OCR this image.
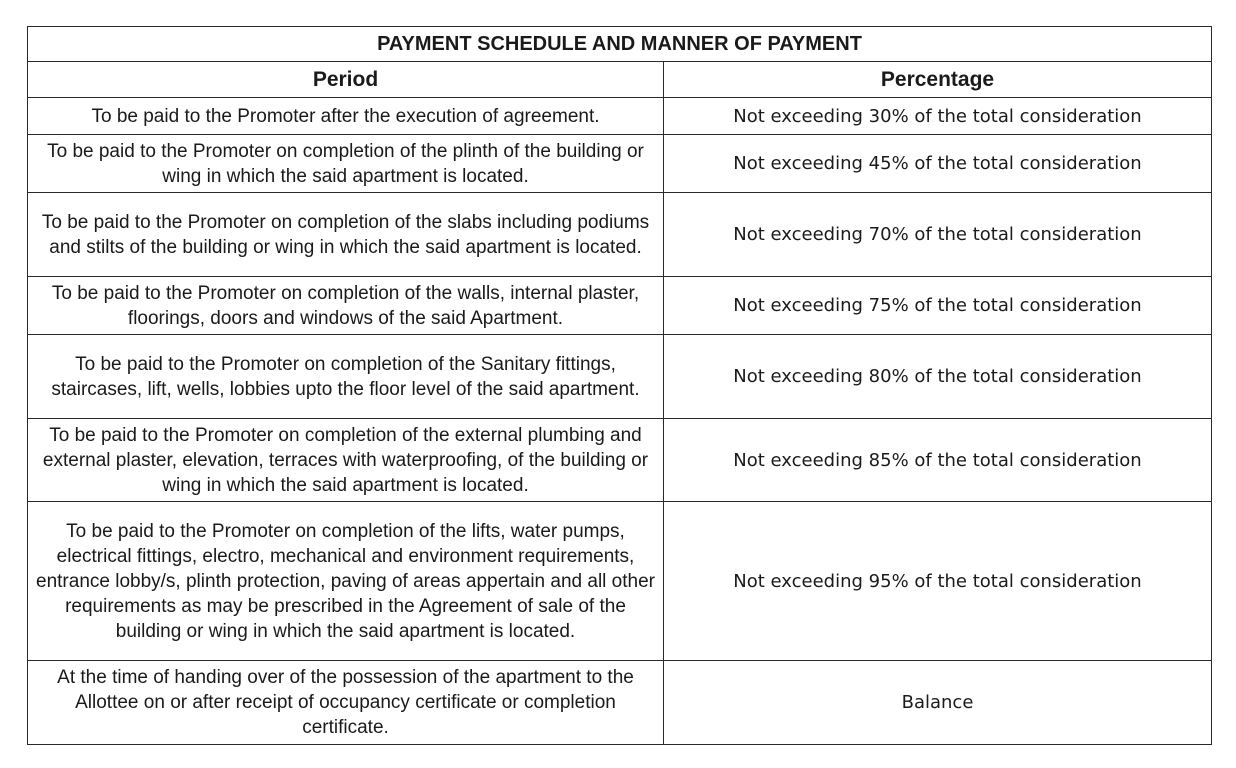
PAYMENT SCHEDULE AND MANNER OF PAYMENT	
Period	Percentage
To be paid to the Promoter after the execution of agreement.	Not exceeding 30% of the total consideration
To be paid to the Promoter on completion of the plinth of the building or wing in which the said apartment is located.	Not exceeding 45% of the total consideration
To be paid to the Promoter on completion of the slabs including podiums and stilts of the building or wing in which the said apartment is located.	Not exceeding 70% of the total consideration
To be paid to the Promoter on completion of the walls, internal plaster, floorings, doors and windows of the said Apartment.	Not exceeding 75% of the total consideration
To be paid to the Promoter on completion of the Sanitary fittings, staircases, lift, wells, lobbies upto the floor level of the said apartment.	Not exceeding 80% of the total consideration
To be paid to the Promoter on completion of the external plumbing and external plaster, elevation, terraces with waterproofing, of the building or wing in which the said apartment is located.	Not exceeding 85% of the total consideration
To be paid to the Promoter on completion of the lifts, water pumps, electrical fittings, electro, mechanical and environment requirements, entrance lobby/s, plinth protection, paving of areas appertain and all other requirements as may be prescribed in the Agreement of sale of the building or wing in which the said apartment is located.	Not exceeding 95% of the total consideration
At the time of handing over of the possession of the apartment to the Allottee on or after receipt of occupancy certificate or completion certificate.	Balance
